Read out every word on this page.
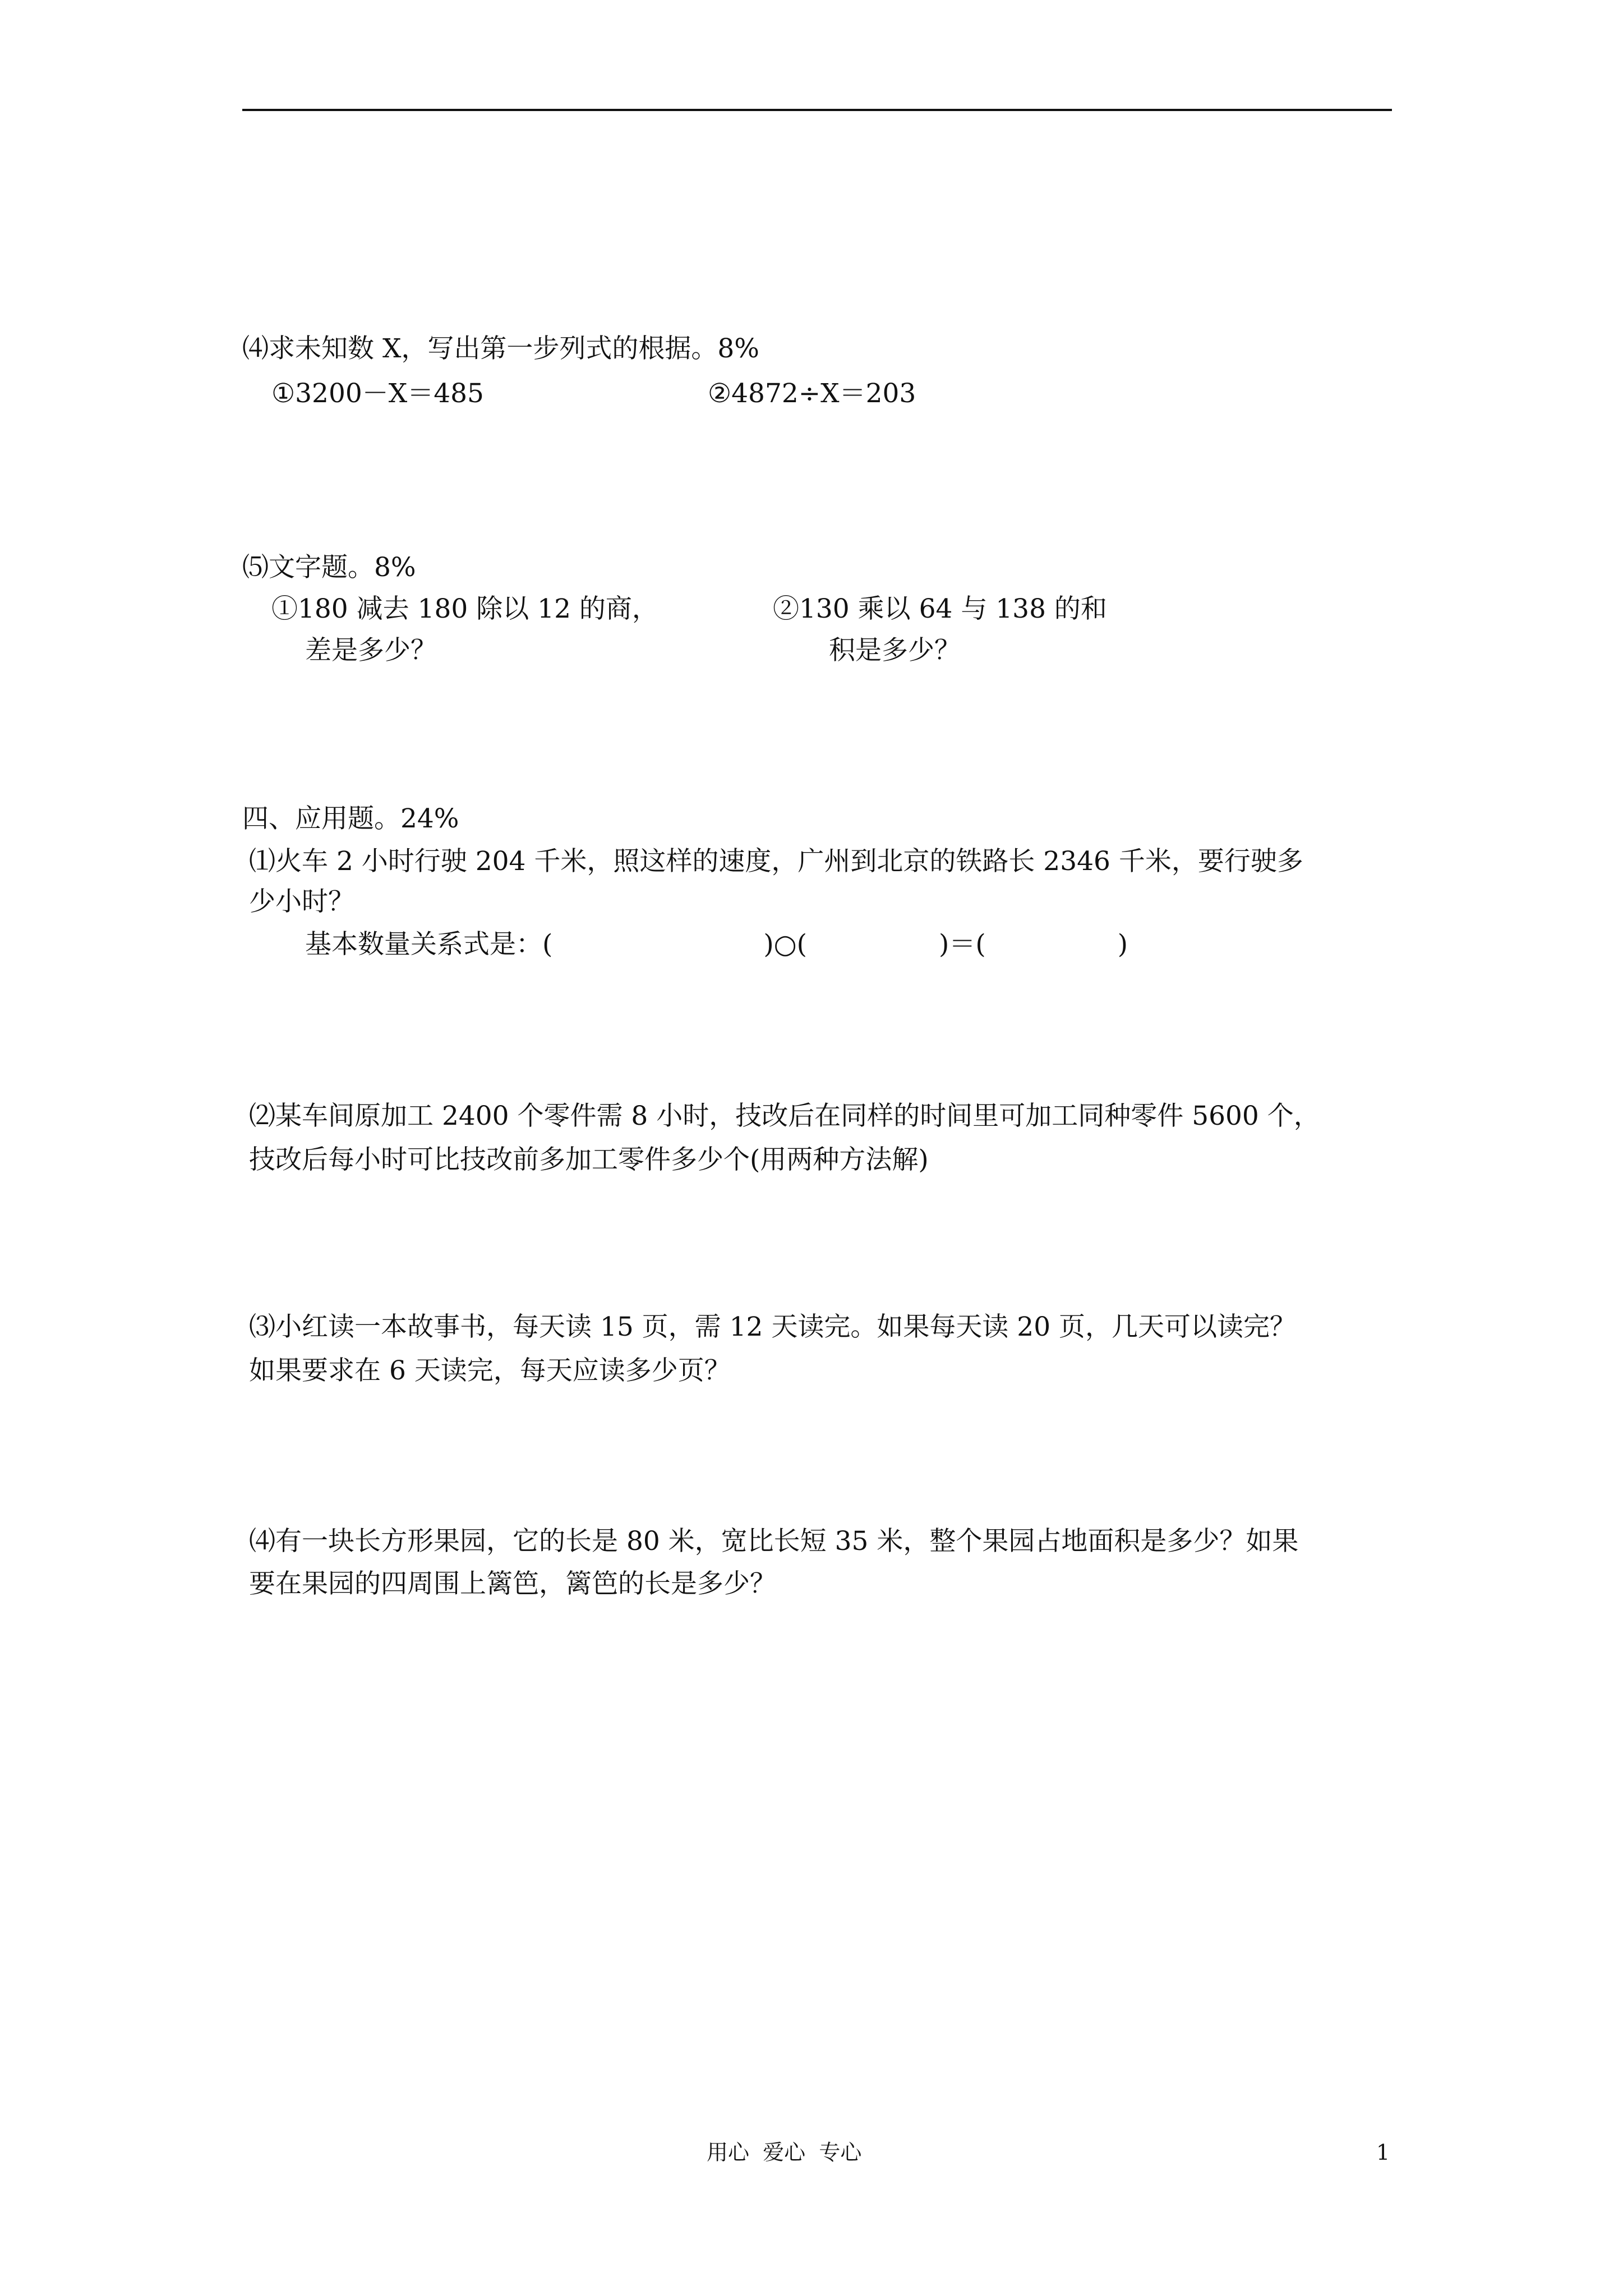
⑷求未知数 X，写出第一步列式的根据。8%
①3200－X＝485	②4872÷X＝203
⑸文字题。8%
①180 减去 180 除以 12 的商，
差是多少？
②130 乘以 64 与 138 的和
积是多少？
四、应用题。24%
⑴火车 2 小时行驶 204 千米，照这样的速度，广州到北京的铁路长 2346 千米，要行驶多
少小时？
基本数量关系式是：(　　　　　　　　)○(　　　　　)＝(　　　　　)
⑵某车间原加工 2400 个零件需 8 小时，技改后在同样的时间里可加工同种零件 5600 个，
技改后每小时可比技改前多加工零件多少个(用两种方法解)
⑶小红读一本故事书，每天读 15 页，需 12 天读完。如果每天读 20 页，几天可以读完？
如果要求在 6 天读完，每天应读多少页？
⑷有一块长方形果园，它的长是 80 米，宽比长短 35 米，整个果园占地面积是多少？如果
要在果园的四周围上篱笆，篱笆的长是多少？
用心  爱心  专心	1
